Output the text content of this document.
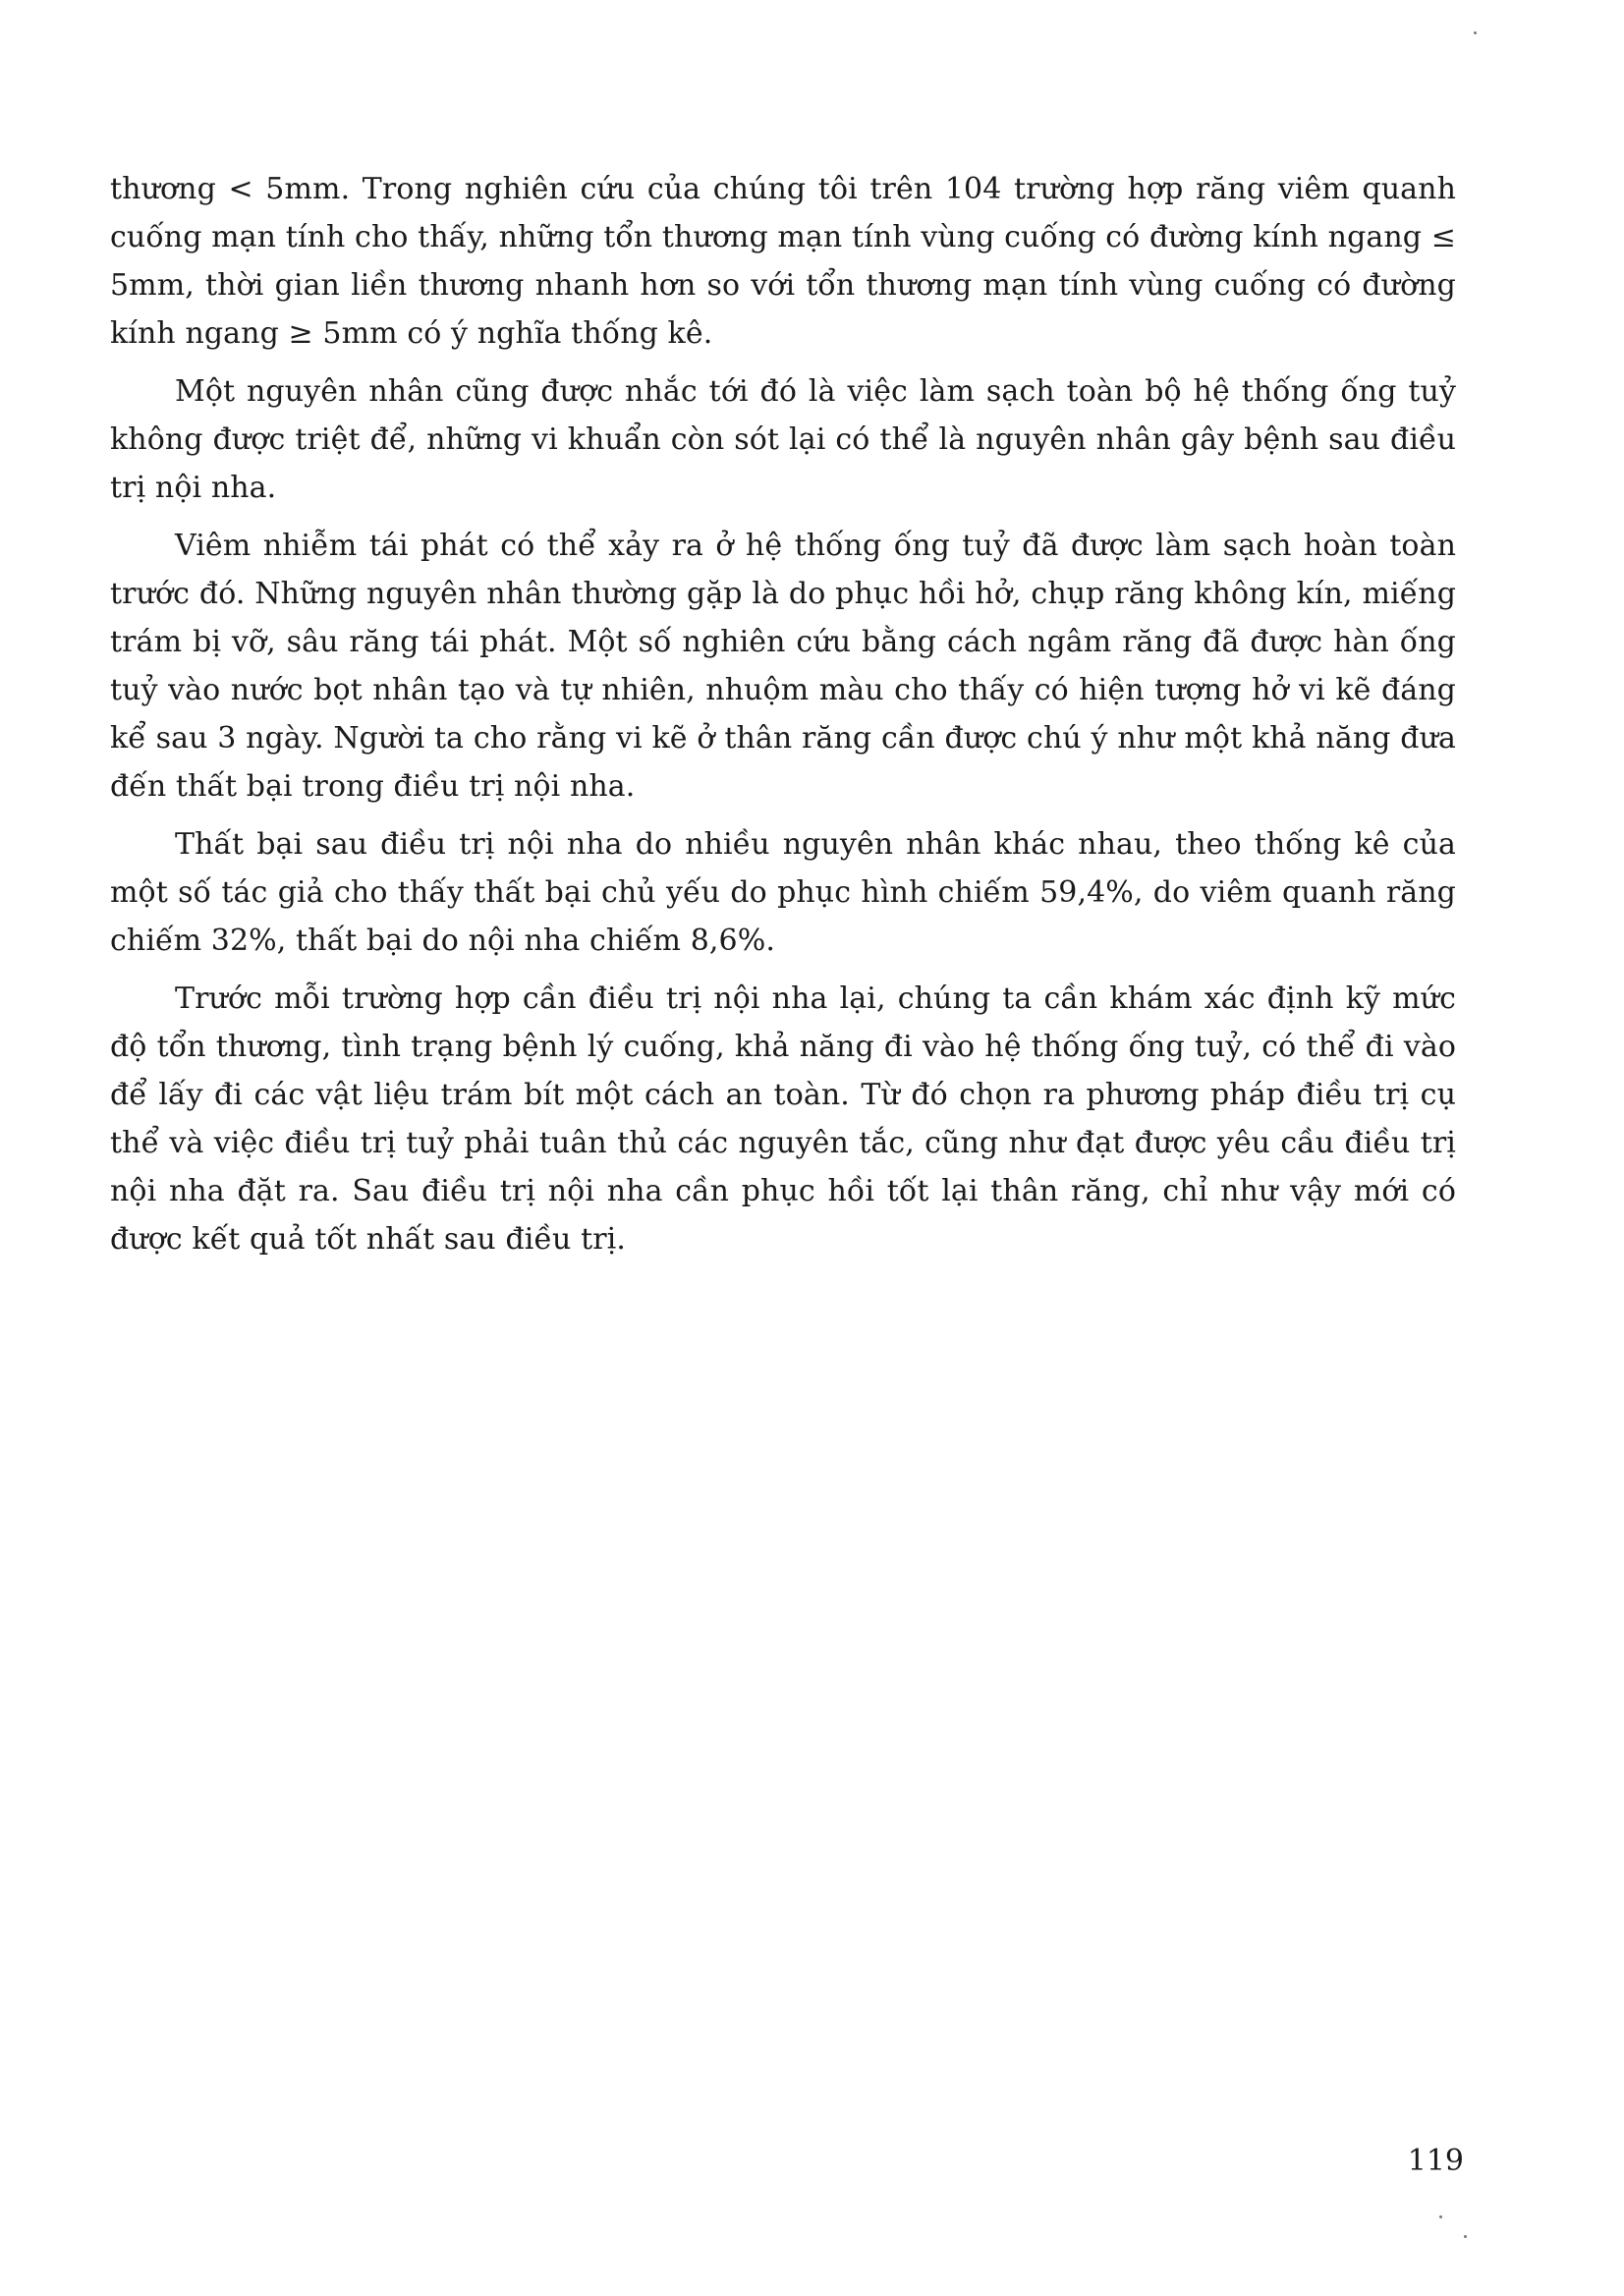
thương < 5mm. Trong nghiên cứu của chúng tôi trên 104 trường hợp răng viêm quanh cuống mạn tính cho thấy, những tổn thương mạn tính vùng cuống có đường kính ngang ≤ 5mm, thời gian liền thương nhanh hơn so với tổn thương mạn tính vùng cuống có đường kính ngang ≥ 5mm có ý nghĩa thống kê.

Một nguyên nhân cũng được nhắc tới đó là việc làm sạch toàn bộ hệ thống ống tuỷ không được triệt để, những vi khuẩn còn sót lại có thể là nguyên nhân gây bệnh sau điều trị nội nha.

Viêm nhiễm tái phát có thể xảy ra ở hệ thống ống tuỷ đã được làm sạch hoàn toàn trước đó. Những nguyên nhân thường gặp là do phục hồi hở, chụp răng không kín, miếng trám bị vỡ, sâu răng tái phát. Một số nghiên cứu bằng cách ngâm răng đã được hàn ống tuỷ vào nước bọt nhân tạo và tự nhiên, nhuộm màu cho thấy có hiện tượng hở vi kẽ đáng kể sau 3 ngày. Người ta cho rằng vi kẽ ở thân răng cần được chú ý như một khả năng đưa đến thất bại trong điều trị nội nha.

Thất bại sau điều trị nội nha do nhiều nguyên nhân khác nhau, theo thống kê của một số tác giả cho thấy thất bại chủ yếu do phục hình chiếm 59,4%, do viêm quanh răng chiếm 32%, thất bại do nội nha chiếm 8,6%.

Trước mỗi trường hợp cần điều trị nội nha lại, chúng ta cần khám xác định kỹ mức độ tổn thương, tình trạng bệnh lý cuống, khả năng đi vào hệ thống ống tuỷ, có thể đi vào để lấy đi các vật liệu trám bít một cách an toàn. Từ đó chọn ra phương pháp điều trị cụ thể và việc điều trị tuỷ phải tuân thủ các nguyên tắc, cũng như đạt được yêu cầu điều trị nội nha đặt ra. Sau điều trị nội nha cần phục hồi tốt lại thân răng, chỉ như vậy mới có được kết quả tốt nhất sau điều trị.

119
